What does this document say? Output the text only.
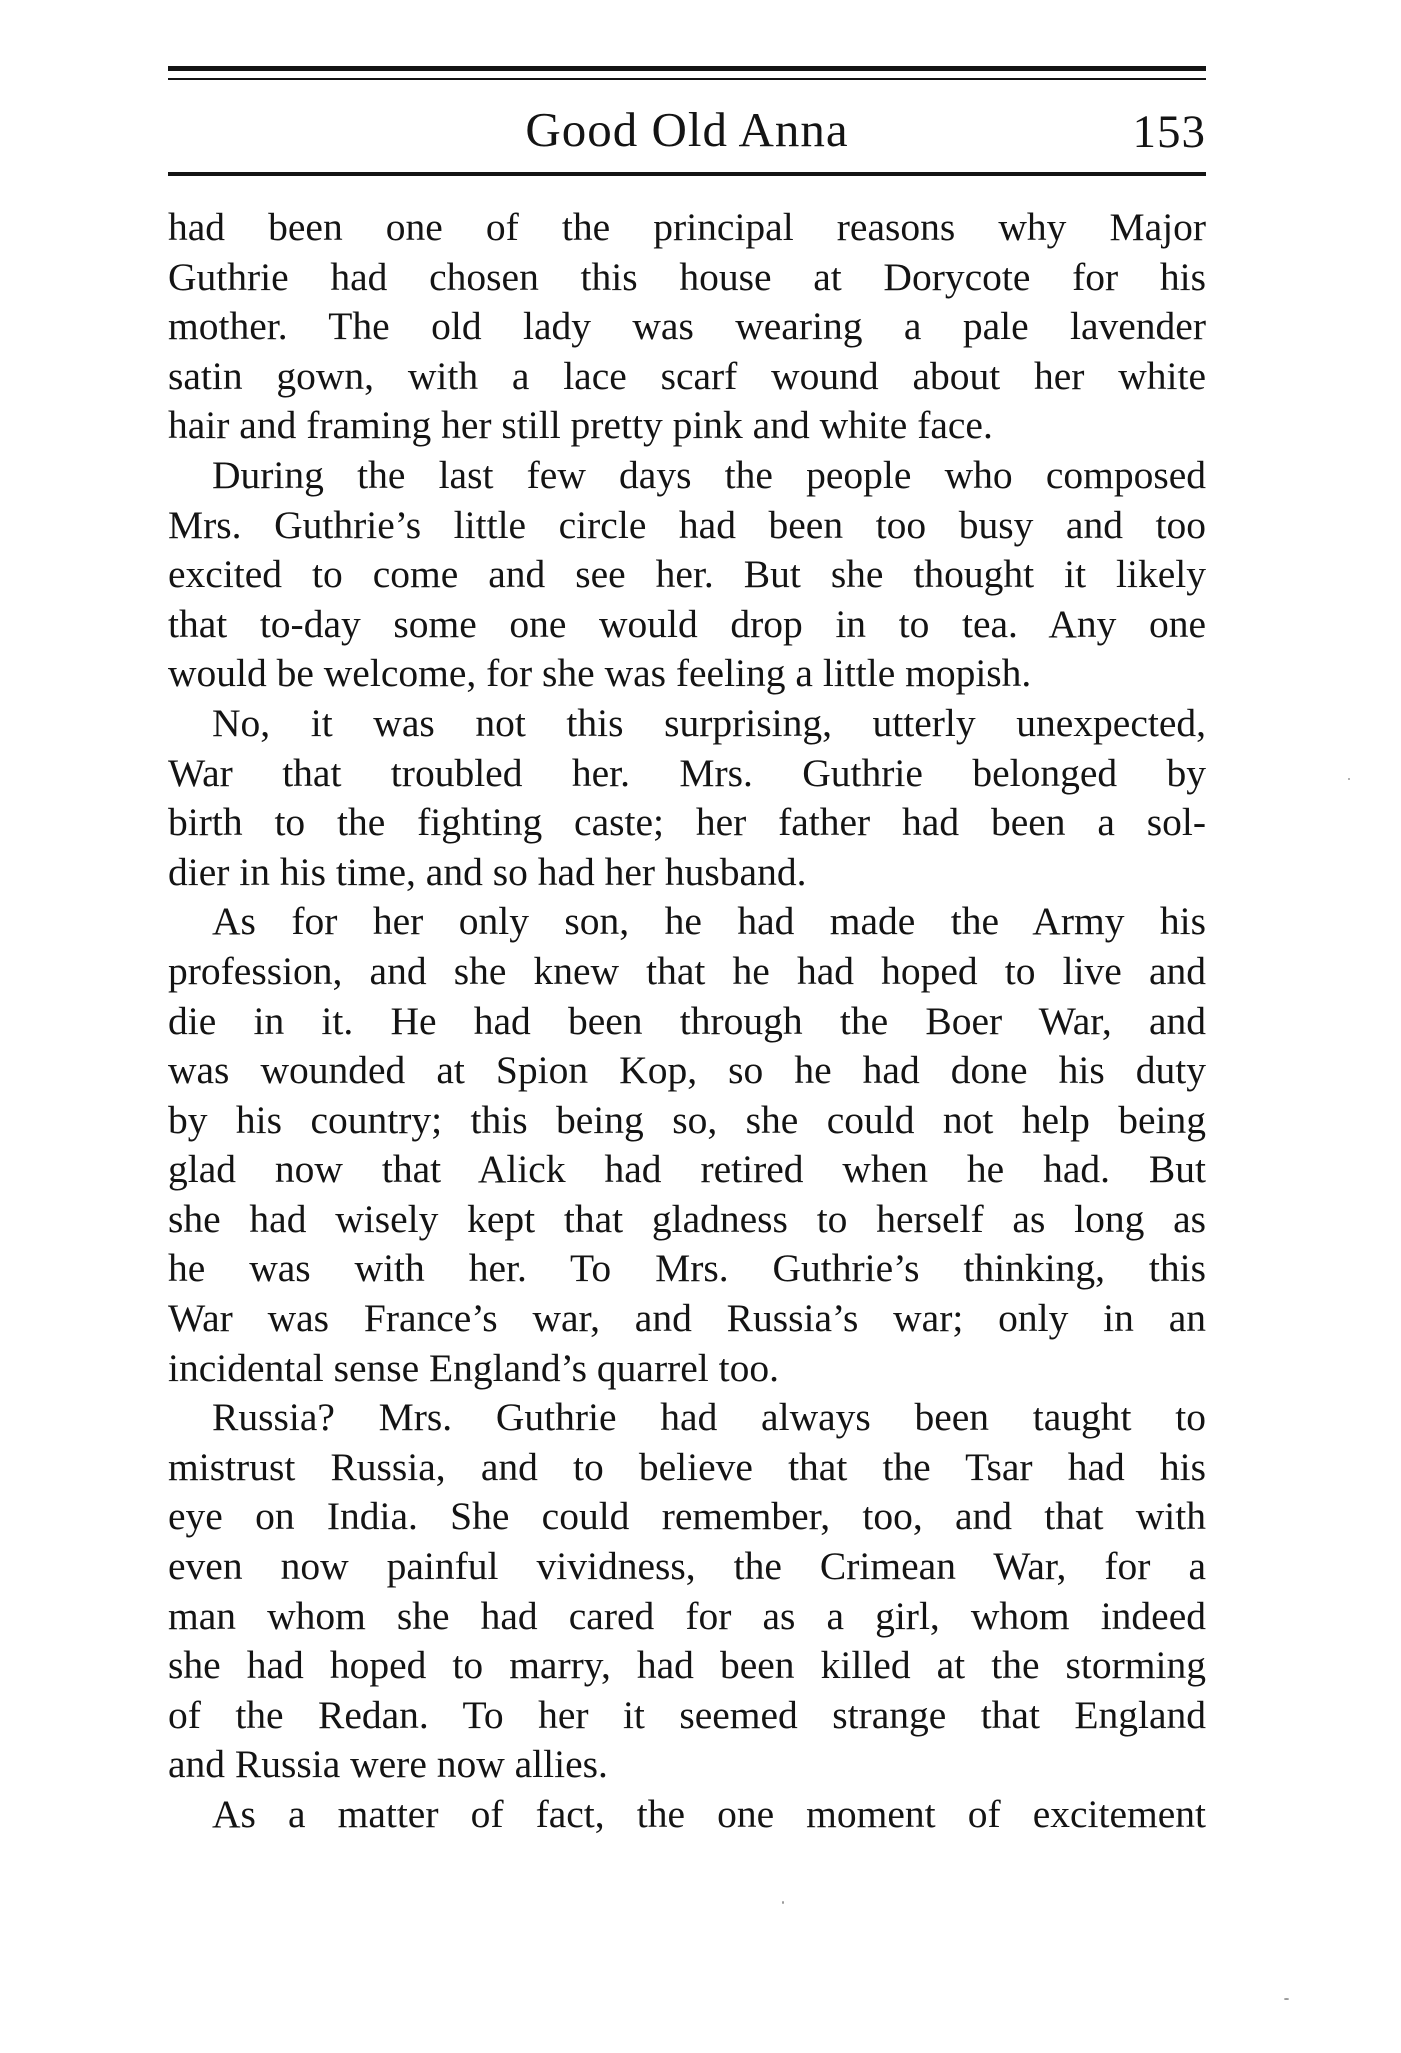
Good Old Anna	153
had been one of the principal reasons why Major
Guthrie had chosen this house at Dorycote for his
mother. The old lady was wearing a pale lavender
satin gown, with a lace scarf wound about her white
hair and framing her still pretty pink and white face.
During the last few days the people who composed
Mrs. Guthrie’s little circle had been too busy and too
excited to come and see her. But she thought it likely
that to-day some one would drop in to tea. Any one
would be welcome, for she was feeling a little mopish.
No, it was not this surprising, utterly unexpected,
War that troubled her. Mrs. Guthrie belonged by
birth to the fighting caste; her father had been a sol-
dier in his time, and so had her husband.
As for her only son, he had made the Army his
profession, and she knew that he had hoped to live and
die in it. He had been through the Boer War, and
was wounded at Spion Kop, so he had done his duty
by his country; this being so, she could not help being
glad now that Alick had retired when he had. But
she had wisely kept that gladness to herself as long as
he was with her. To Mrs. Guthrie’s thinking, this
War was France’s war, and Russia’s war; only in an
incidental sense England’s quarrel too.
Russia? Mrs. Guthrie had always been taught to
mistrust Russia, and to believe that the Tsar had his
eye on India. She could remember, too, and that with
even now painful vividness, the Crimean War, for a
man whom she had cared for as a girl, whom indeed
she had hoped to marry, had been killed at the storming
of the Redan. To her it seemed strange that England
and Russia were now allies.
As a matter of fact, the one moment of excitement
